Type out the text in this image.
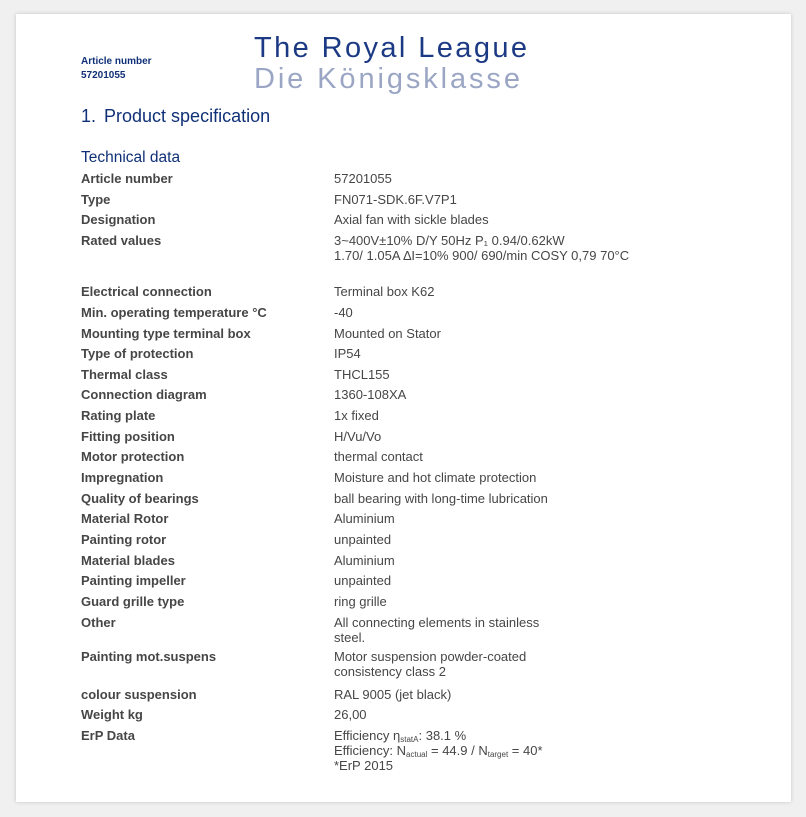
Article number
57201055
The Royal League
Die Königsklasse
1. Product specification
Technical data
Article number	57201055
Type	FN071-SDK.6F.V7P1
Designation	Axial fan with sickle blades
Rated values	3~400V±10% D/Y 50Hz P₁ 0.94/0.62kW
1.70/ 1.05A ∆I=10% 900/ 690/min COSY 0,79 70°C
Electrical connection	Terminal box K62
Min. operating temperature °C	-40
Mounting type terminal box	Mounted on Stator
Type of protection	IP54
Thermal class	THCL155
Connection diagram	1360-108XA
Rating plate	1x fixed
Fitting position	H/Vu/Vo
Motor protection	thermal contact
Impregnation	Moisture and hot climate protection
Quality of bearings	ball bearing with long-time lubrication
Material Rotor	Aluminium
Painting rotor	unpainted
Material blades	Aluminium
Painting impeller	unpainted
Guard grille type	ring grille
Other	All connecting elements in stainless
steel.
Painting mot.suspens	Motor suspension powder-coated
consistency class 2
colour suspension	RAL 9005 (jet black)
Weight kg	26,00
ErP Data	Efficiency $\eta_{statA}$: 38.1 %
Efficiency: $N_{actual} = 44.9 / N_{target} = 40*$
*ErP 2015
